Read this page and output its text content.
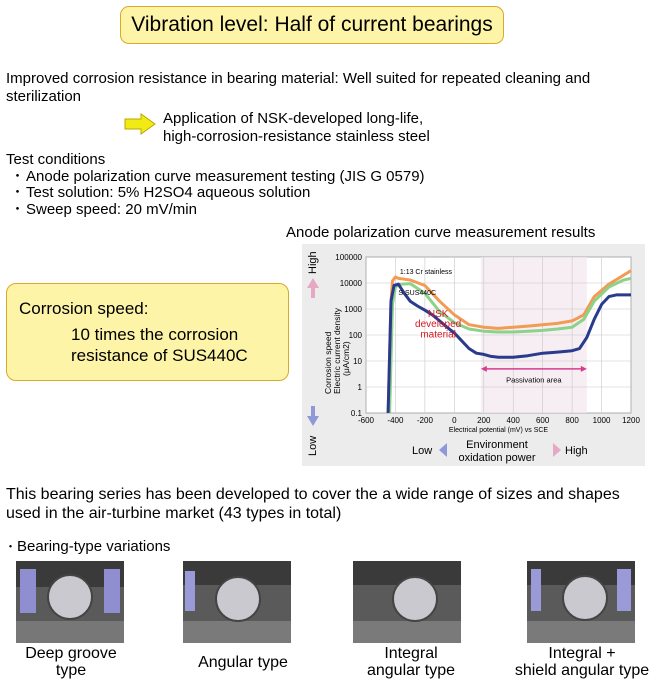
Vibration level: Half of current bearings
Improved corrosion resistance in bearing material: Well suited for repeated cleaning and sterilization
Application of NSK-developed long-life,
high-corrosion-resistance stainless steel
Test conditions
・ Anode polarization curve measurement testing (JIS G 0579)
・ Test solution: 5% H2SO4 aqueous solution
・ Sweep speed: 20 mV/min
Anode polarization curve measurement results
Corrosion speed:
10 times the corrosion
resistance of SUS440C
High
Low
Corrosion speed Electric current density (μA/cm2)
-600 -400 -200 0	200 400 600 800 1000 1200
100000
10000
1000
100
10
1
0.1
Electrical potential (mV) vs SCE
1:13 Cr stainless
S SUS440C
NSK
developed
material
Passivation area
Low	Environment
oxidation power
High
This bearing series has been developed to cover the a wide range of sizes and shapes used in the air-turbine market (43 types in total)
・Bearing-type variations
Deep groove
type	Angular type
Integral
angular type
Integral +
shield angular type
